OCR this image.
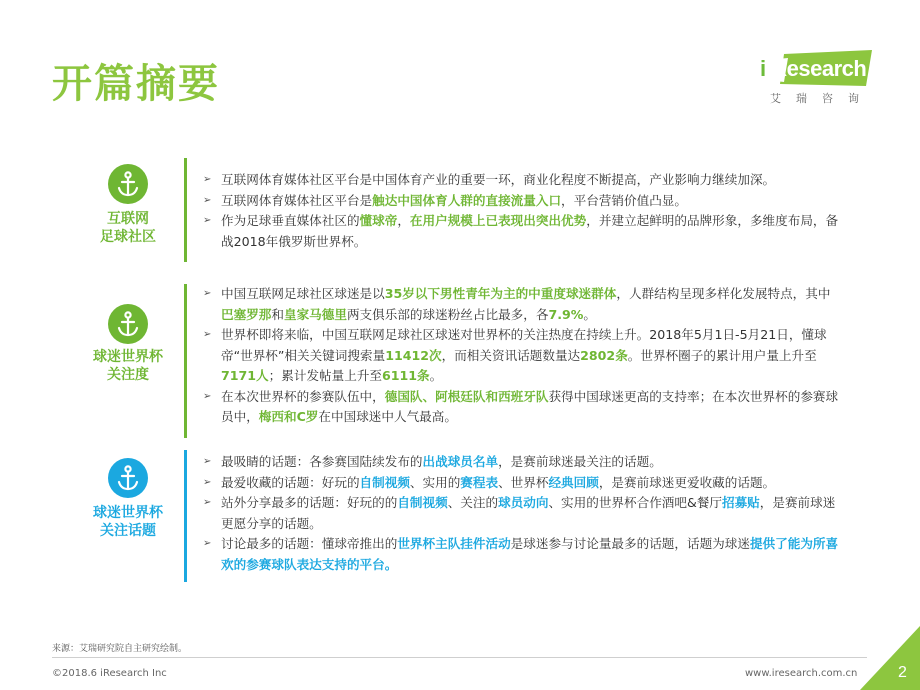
开篇摘要	iiResearch
艾瑞咨询
互联网
足球社区
➢ 互联网体育媒体社区平台是中国体育产业的重要一环，商业化程度不断提高，产业影响力继续加深。
➢ 互联网体育媒体社区平台是触达中国体育人群的直接流量入口，平台营销价值凸显。
➢ 作为足球垂直媒体社区的懂球帝，在用户规模上已表现出突出优势，并建立起鲜明的品牌形象，多维度布局，备战2018年俄罗斯世界杯。
球迷世界杯
关注度
➢ 中国互联网足球社区球迷是以35岁以下男性青年为主的中重度球迷群体，人群结构呈现多样化发展特点，其中巴塞罗那和皇家马德里两支俱乐部的球迷粉丝占比最多，各7.9%。
➢ 世界杯即将来临，中国互联网足球社区球迷对世界杯的关注热度在持续上升。2018年5月1日-5月21日，懂球帝“世界杯”相关关键词搜索量11412次，而相关资讯话题数量达2802条。世界杯圈子的累计用户量上升至7171人；累计发帖量上升至6111条。
➢ 在本次世界杯的参赛队伍中，德国队、阿根廷队和西班牙队获得中国球迷更高的支持率；在本次世界杯的参赛球员中，梅西和C罗在中国球迷中人气最高。
球迷世界杯
关注话题
➢ 最吸睛的话题：各参赛国陆续发布的出战球员名单，是赛前球迷最关注的话题。
➢ 最爱收藏的话题：好玩的自制视频、实用的赛程表、世界杯经典回顾，是赛前球迷更爱收藏的话题。
➢ 站外分享最多的话题：好玩的的自制视频、关注的球员动向、实用的世界杯合作酒吧&餐厅招募贴，是赛前球迷更愿分享的话题。
➢ 讨论最多的话题：懂球帝推出的世界杯主队挂件活动是球迷参与讨论量最多的话题，话题为球迷提供了能为所喜欢的参赛球队表达支持的平台。
来源：艾瑞研究院自主研究绘制。
©2018.6 iResearch Inc	www.iresearch.com.cn	2
